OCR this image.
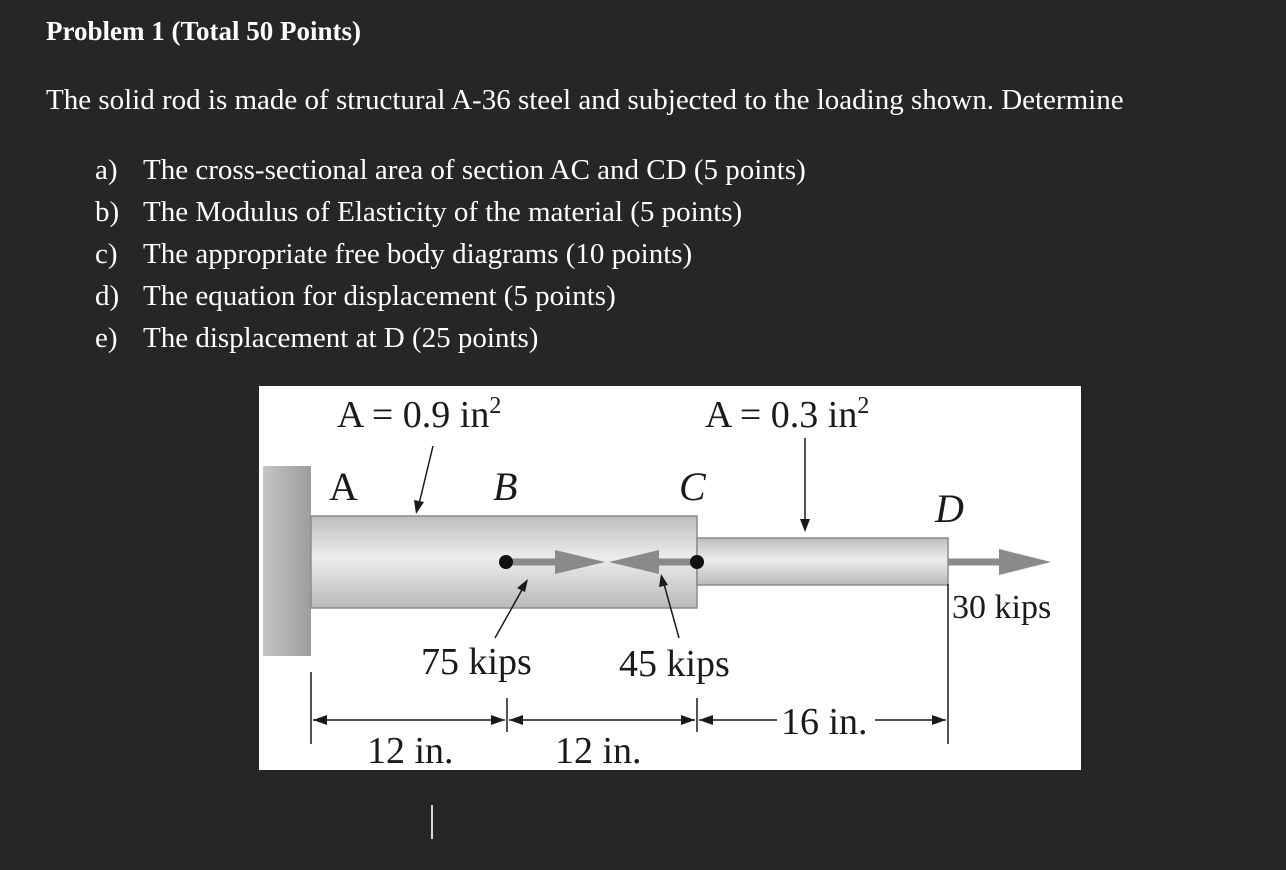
Problem 1 (Total 50 Points)
The solid rod is made of structural A-36 steel and subjected to the loading shown. Determine
a) The cross-sectional area of section AC and CD (5 points)
b) The Modulus of Elasticity of the material (5 points)
c) The appropriate free body diagrams (10 points)
d) The equation for displacement (5 points)
e) The displacement at D (25 points)
A = 0.9 $in^2$	A = 0.3 $in^2$
A	B	C	D
75 kips 45 kips
30 kips
12 in.	12 in.
16 in.
